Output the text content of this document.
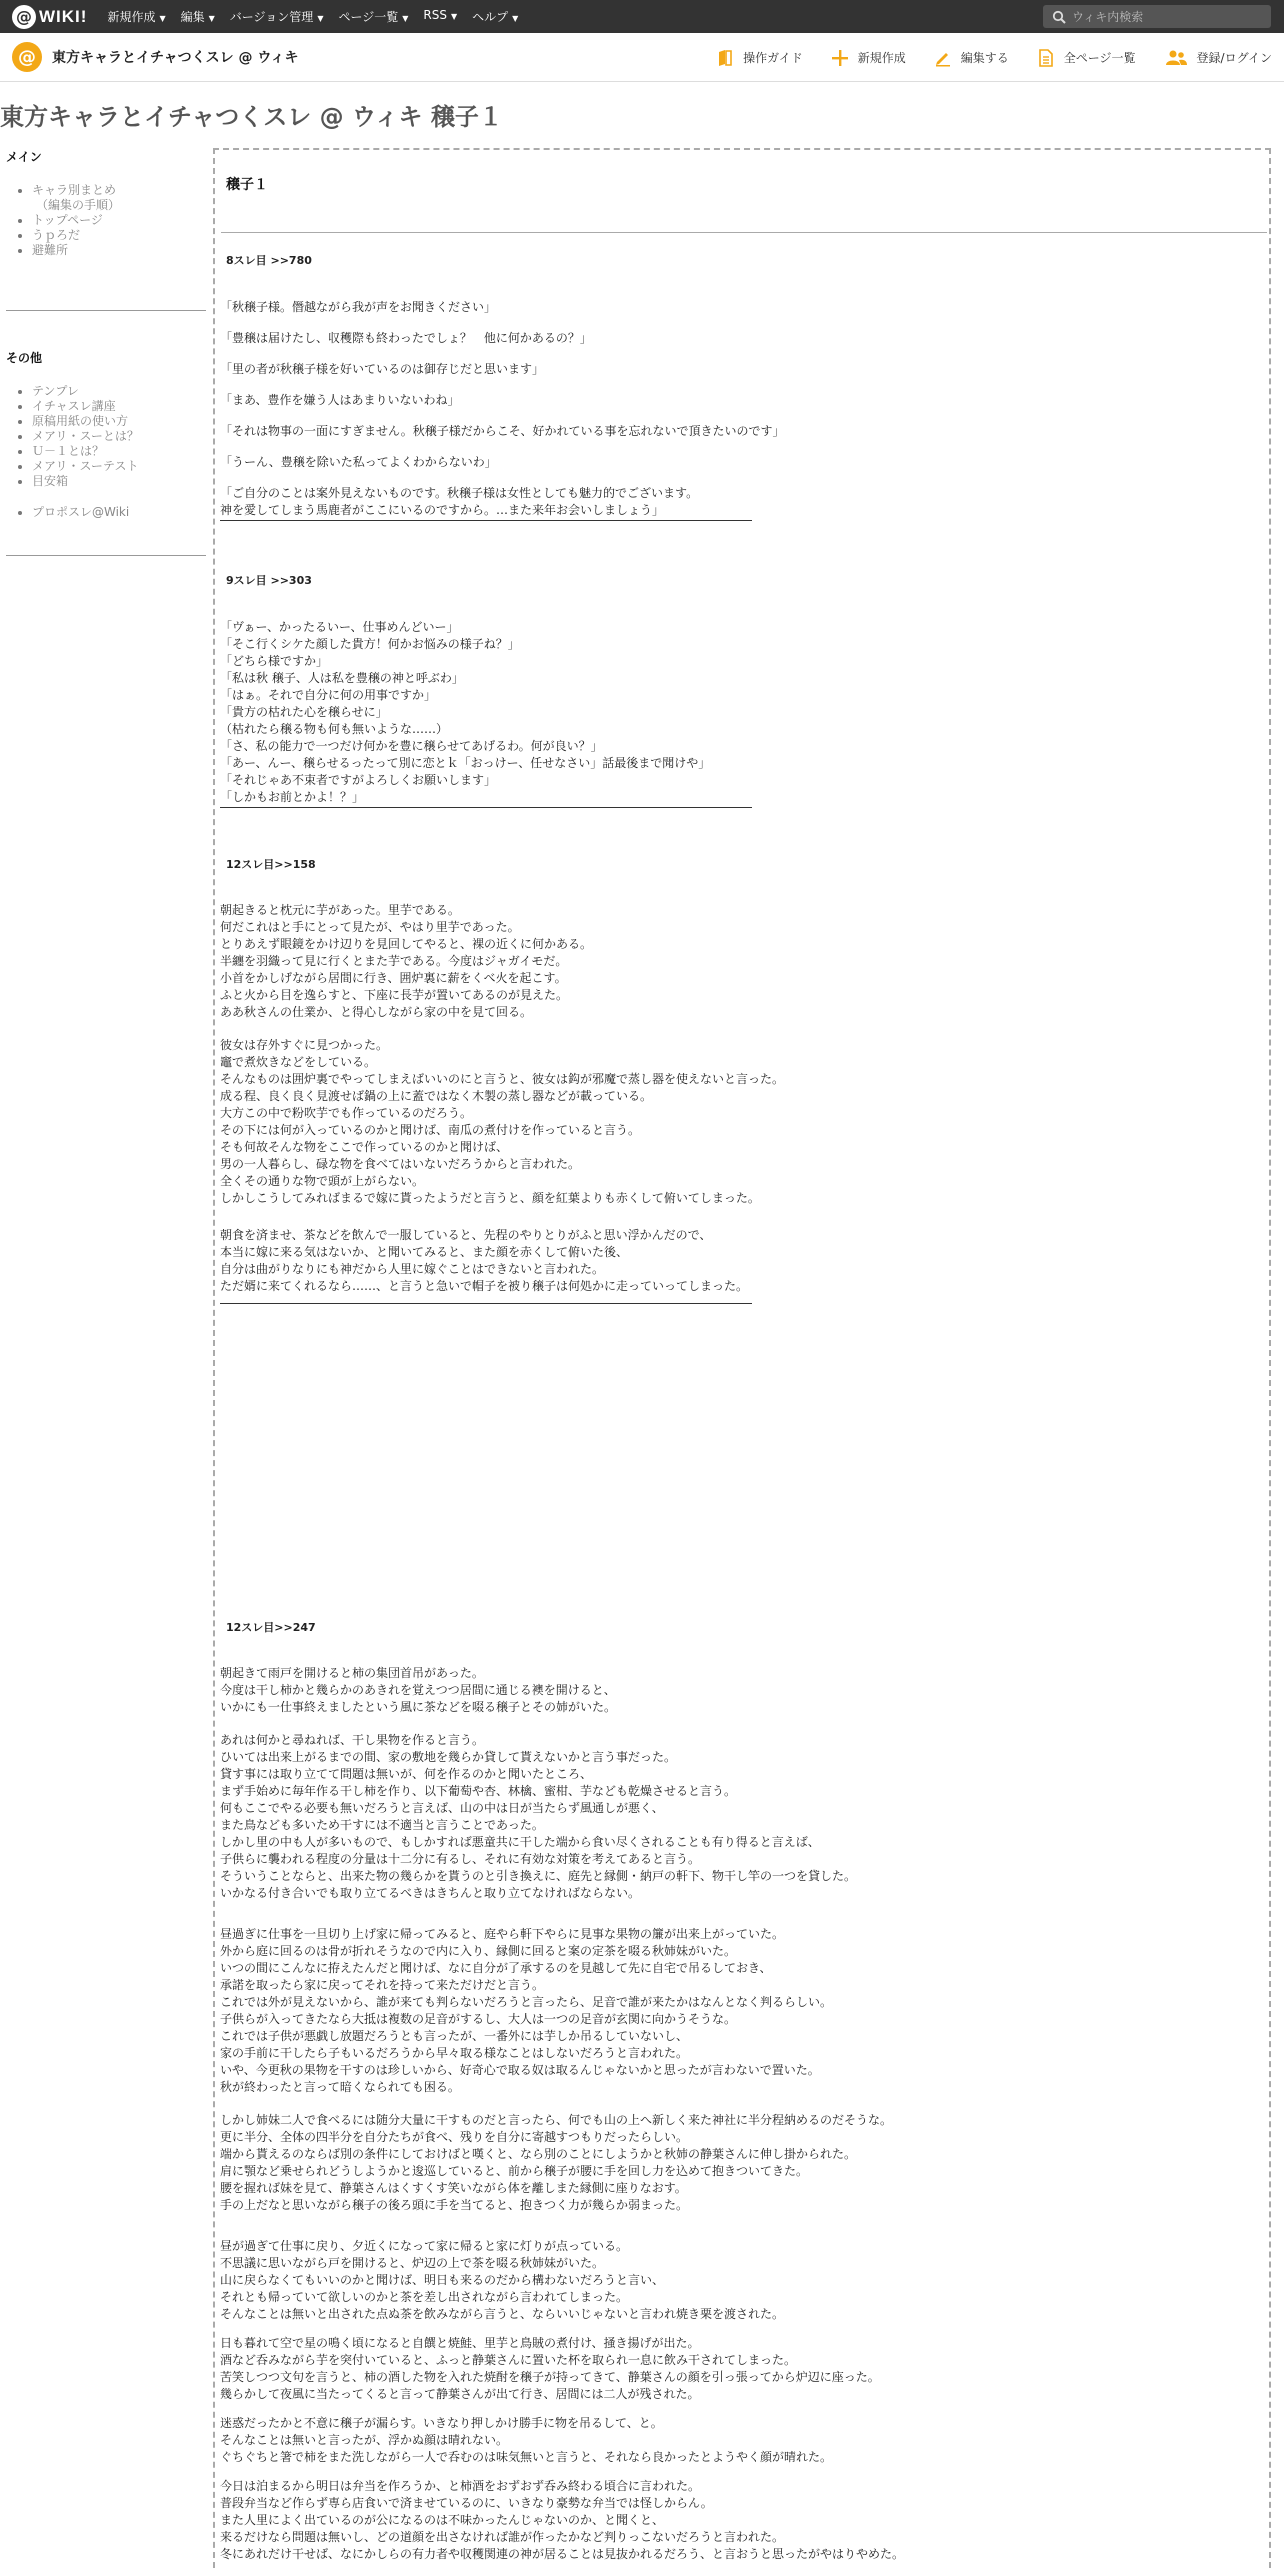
@ WIKI! 新規作成 ▼ 編集 ▼ バージョン管理 ▼ ページ一覧 ▼ RSS ▼ ヘルプ ▼	ウィキ内検索
@ 東方キャラとイチャつくスレ @ ウィキ	操作ガイド	新規作成	編集する	全ページ一覧	登録/ログイン
東方キャラとイチャつくスレ @ ウィキ 穣子１
メイン
• キャラ別まとめ
（編集の手順）
• トップページ
• うｐろだ
• 避難所
その他
• テンプレ
• イチャスレ講座
• 原稿用紙の使い方
• メアリ・スーとは？
• Ｕ－１とは？
• メアリ・スーテスト
• 目安箱
• プロポスレ@Wiki
穣子１
8スレ目 >>780

「秋穣子様。僭越ながら我が声をお聞きください」

「豊穣は届けたし、収穫際も終わったでしょ？　他に何かあるの？」

「里の者が秋穣子様を好いているのは御存じだと思います」

「まあ、豊作を嫌う人はあまりいないわね」

「それは物事の一面にすぎません。秋穣子様だからこそ、好かれている事を忘れないで頂きたいのです」

「うーん、豊穣を除いた私ってよくわからないわ」

「ご自分のことは案外見えないものです。秋穣子様は女性としても魅力的でございます。
神を愛してしまう馬鹿者がここにいるのですから。…また来年お会いしましょう」

9スレ目 >>303

「ヴぁー、かったるいー、仕事めんどいー」
「そこ行くシケた顔した貴方！何かお悩みの様子ね？」
「どちら様ですか」
「私は秋 穣子、人は私を豊穣の神と呼ぶわ」
「はぁ。それで自分に何の用事ですか」
「貴方の枯れた心を穣らせに」
（枯れたら穣る物も何も無いような……）
「さ、私の能力で一つだけ何かを豊に穣らせてあげるわ。何が良い？」
「あー、んー、穣らせるったって別に恋とｋ「おっけー、任せなさい」話最後まで聞けや」
「それじゃあ不束者ですがよろしくお願いします」
「しかもお前とかよ！？」

12スレ目>>158

朝起きると枕元に芋があった。里芋である。
何だこれはと手にとって見たが、やはり里芋であった。
とりあえず眼鏡をかけ辺りを見回してやると、裸の近くに何かある。
半纏を羽織って見に行くとまた芋である。今度はジャガイモだ。
小首をかしげながら居間に行き、囲炉裏に薪をくべ火を起こす。
ふと火から目を逸らすと、下座に長芋が置いてあるのが見えた。
ああ秋さんの仕業か、と得心しながら家の中を見て回る。

彼女は存外すぐに見つかった。
竈で煮炊きなどをしている。
そんなものは囲炉裏でやってしまえばいいのにと言うと、彼女は鈎が邪魔で蒸し器を使えないと言った。
成る程、良く良く見渡せば鍋の上に蓋ではなく木製の蒸し器などが載っている。
大方この中で粉吹芋でも作っているのだろう。
その下には何が入っているのかと聞けば、南瓜の煮付けを作っていると言う。
そも何故そんな物をここで作っているのかと聞けば、
男の一人暮らし、碌な物を食べてはいないだろうからと言われた。
全くその通りな物で頭が上がらない。
しかしこうしてみればまるで嫁に貰ったようだと言うと、顔を紅葉よりも赤くして俯いてしまった。

朝食を済ませ、茶などを飲んで一服していると、先程のやりとりがふと思い浮かんだので、
本当に嫁に来る気はないか、と聞いてみると、また顔を赤くして俯いた後、
自分は曲がりなりにも神だから人里に嫁ぐことはできないと言われた。
ただ婿に来てくれるなら……、と言うと急いで帽子を被り穣子は何処かに走っていってしまった。

12スレ目>>247

朝起きて雨戸を開けると柿の集団首吊があった。
今度は干し柿かと幾らかのあきれを覚えつつ居間に通じる襖を開けると、
いかにも一仕事終えましたという風に茶などを啜る穣子とその姉がいた。

あれは何かと尋ねれば、干し果物を作ると言う。
ひいては出来上がるまでの間、家の敷地を幾らか貸して貰えないかと言う事だった。
貸す事には取り立てて問題は無いが、何を作るのかと聞いたところ、
まず手始めに毎年作る干し柿を作り、以下葡萄や杏、林檎、蜜柑、芋なども乾燥させると言う。
何もここでやる必要も無いだろうと言えば、山の中は日が当たらず風通しが悪く、
また鳥なども多いため干すには不適当と言うことであった。
しかし里の中も人が多いもので、もしかすれば悪童共に干した端から食い尽くされることも有り得ると言えば、
子供らに襲われる程度の分量は十二分に有るし、それに有効な対策を考えてあると言う。
そういうことならと、出来た物の幾らかを貰うのと引き換えに、庭先と縁側・納戸の軒下、物干し竿の一つを貸した。
いかなる付き合いでも取り立てるべきはきちんと取り立てなければならない。

昼過ぎに仕事を一旦切り上げ家に帰ってみると、庭やら軒下やらに見事な果物の簾が出来上がっていた。
外から庭に回るのは骨が折れそうなので内に入り、縁側に回ると案の定茶を啜る秋姉妹がいた。
いつの間にこんなに拵えたんだと聞けば、なに自分が了承するのを見越して先に自宅で吊るしておき、
承諾を取ったら家に戻ってそれを持って来ただけだと言う。
これでは外が見えないから、誰が来ても判らないだろうと言ったら、足音で誰が来たかはなんとなく判るらしい。
子供らが入ってきたなら大抵は複数の足音がするし、大人は一つの足音が玄関に向かうそうな。
これでは子供が悪戯し放題だろうとも言ったが、一番外には芋しか吊るしていないし、
家の手前に干したら子もいるだろうから早々取る様なことはしないだろうと言われた。
いや、今更秋の果物を干すのは珍しいから、好奇心で取る奴は取るんじゃないかと思ったが言わないで置いた。
秋が終わったと言って暗くなられても困る。

しかし姉妹二人で食べるには随分大量に干すものだと言ったら、何でも山の上へ新しく来た神社に半分程納めるのだそうな。
更に半分、全体の四半分を自分たちが食べ、残りを自分に寄越すつもりだったらしい。
端から貰えるのならば別の条件にしておけばと嘆くと、なら別のことにしようかと秋姉の静葉さんに伸し掛かられた。
肩に顎など乗せられどうしようかと逡巡していると、前から穣子が腰に手を回し力を込めて抱きついてきた。
腰を握れば妹を見て、静葉さんはくすくす笑いながら体を離しまた縁側に座りなおす。
手の上だなと思いながら穣子の後ろ頭に手を当てると、抱きつく力が幾らか弱まった。

昼が過ぎて仕事に戻り、夕近くになって家に帰ると家に灯りが点っている。
不思議に思いながら戸を開けると、炉辺の上で茶を啜る秋姉妹がいた。
山に戻らなくてもいいのかと聞けば、明日も来るのだから構わないだろうと言い、
それとも帰っていて欲しいのかと茶を差し出されながら言われてしまった。
そんなことは無いと出された点ぬ茶を飲みながら言うと、ならいいじゃないと言われ焼き栗を渡された。

日も暮れて空で星の鳴く頃になると自饌と焼鮭、里芋と鳥賊の煮付け、掻き揚げが出た。
酒など呑みながら芋を突付いていると、ふっと静葉さんに置いた杯を取られ一息に飲み干されてしまった。
苦笑しつつ文句を言うと、柿の酒した物を入れた焼酎を穣子が持ってきて、静葉さんの顔を引っ張ってから炉辺に座った。
幾らかして夜風に当たってくると言って静葉さんが出て行き、居間には二人が残された。

迷惑だったかと不意に穣子が漏らす。いきなり押しかけ勝手に物を吊るして、と。
そんなことは無いと言ったが、浮かぬ顔は晴れない。
ぐちぐちと箸で柿をまた洗しながら一人で呑むのは味気無いと言うと、それなら良かったとようやく顔が晴れた。

今日は泊まるから明日は弁当を作ろうか、と柿酒をおずおず呑み終わる頃合に言われた。
普段弁当など作らず専ら店食いで済ませているのに、いきなり豪勢な弁当では怪しからん。
また人里によく出ているのが公になるのは不味かったんじゃないのか、と聞くと、
来るだけなら問題は無いし、どの道顔を出さなければ誰が作ったかなど判りっこないだろうと言われた。
冬にあれだけ干せば、なにかしらの有力者や収穫関連の神が居ることは見抜かれるだろう、と言おうと思ったがやはりやめた。
